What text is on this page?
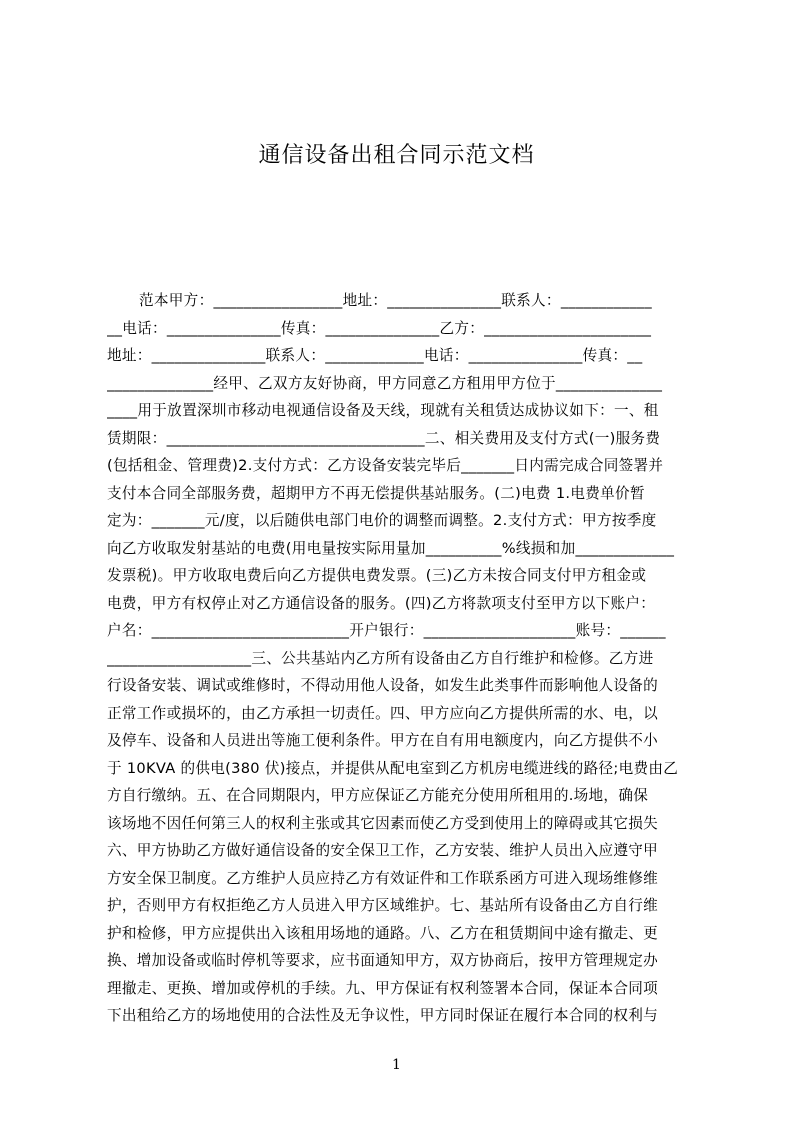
通信设备出租合同示范文档
范本甲方：_________________地址：_______________联系人：____________
__电话：_______________传真：_______________乙方：______________________
地址：_______________联系人：_____________电话：_______________传真：__
______________经甲、乙双方友好协商，甲方同意乙方租用甲方位于______________
____用于放置深圳市移动电视通信设备及天线，现就有关租赁达成协议如下：一、租
赁期限：__________________________________二、相关费用及支付方式(一)服务费
(包括租金、管理费)2.支付方式：乙方设备安装完毕后_______日内需完成合同签署并
支付本合同全部服务费，超期甲方不再无偿提供基站服务。(二)电费 1.电费单价暂
定为：_______元/度，以后随供电部门电价的调整而调整。2.支付方式：甲方按季度
向乙方收取发射基站的电费(用电量按实际用量加__________%线损和加_____________
发票税)。甲方收取电费后向乙方提供电费发票。(三)乙方未按合同支付甲方租金或
电费，甲方有权停止对乙方通信设备的服务。(四)乙方将款项支付至甲方以下账户：
户名：__________________________开户银行：____________________账号：______
___________________三、公共基站内乙方所有设备由乙方自行维护和检修。乙方进
行设备安装、调试或维修时，不得动用他人设备，如发生此类事件而影响他人设备的
正常工作或损坏的，由乙方承担一切责任。四、甲方应向乙方提供所需的水、电，以
及停车、设备和人员进出等施工便利条件。甲方在自有用电额度内，向乙方提供不小
于 10KVA 的供电(380 伏)接点，并提供从配电室到乙方机房电缆进线的路径;电费由乙
方自行缴纳。五、在合同期限内，甲方应保证乙方能充分使用所租用的.场地，确保
该场地不因任何第三人的权利主张或其它因素而使乙方受到使用上的障碍或其它损失
六、甲方协助乙方做好通信设备的安全保卫工作，乙方安装、维护人员出入应遵守甲
方安全保卫制度。乙方维护人员应持乙方有效证件和工作联系函方可进入现场维修维
护，否则甲方有权拒绝乙方人员进入甲方区域维护。七、基站所有设备由乙方自行维
护和检修，甲方应提供出入该租用场地的通路。八、乙方在租赁期间中途有撤走、更
换、增加设备或临时停机等要求，应书面通知甲方，双方协商后，按甲方管理规定办
理撤走、更换、增加或停机的手续。九、甲方保证有权利签署本合同，保证本合同项
下出租给乙方的场地使用的合法性及无争议性，甲方同时保证在履行本合同的权利与
1
